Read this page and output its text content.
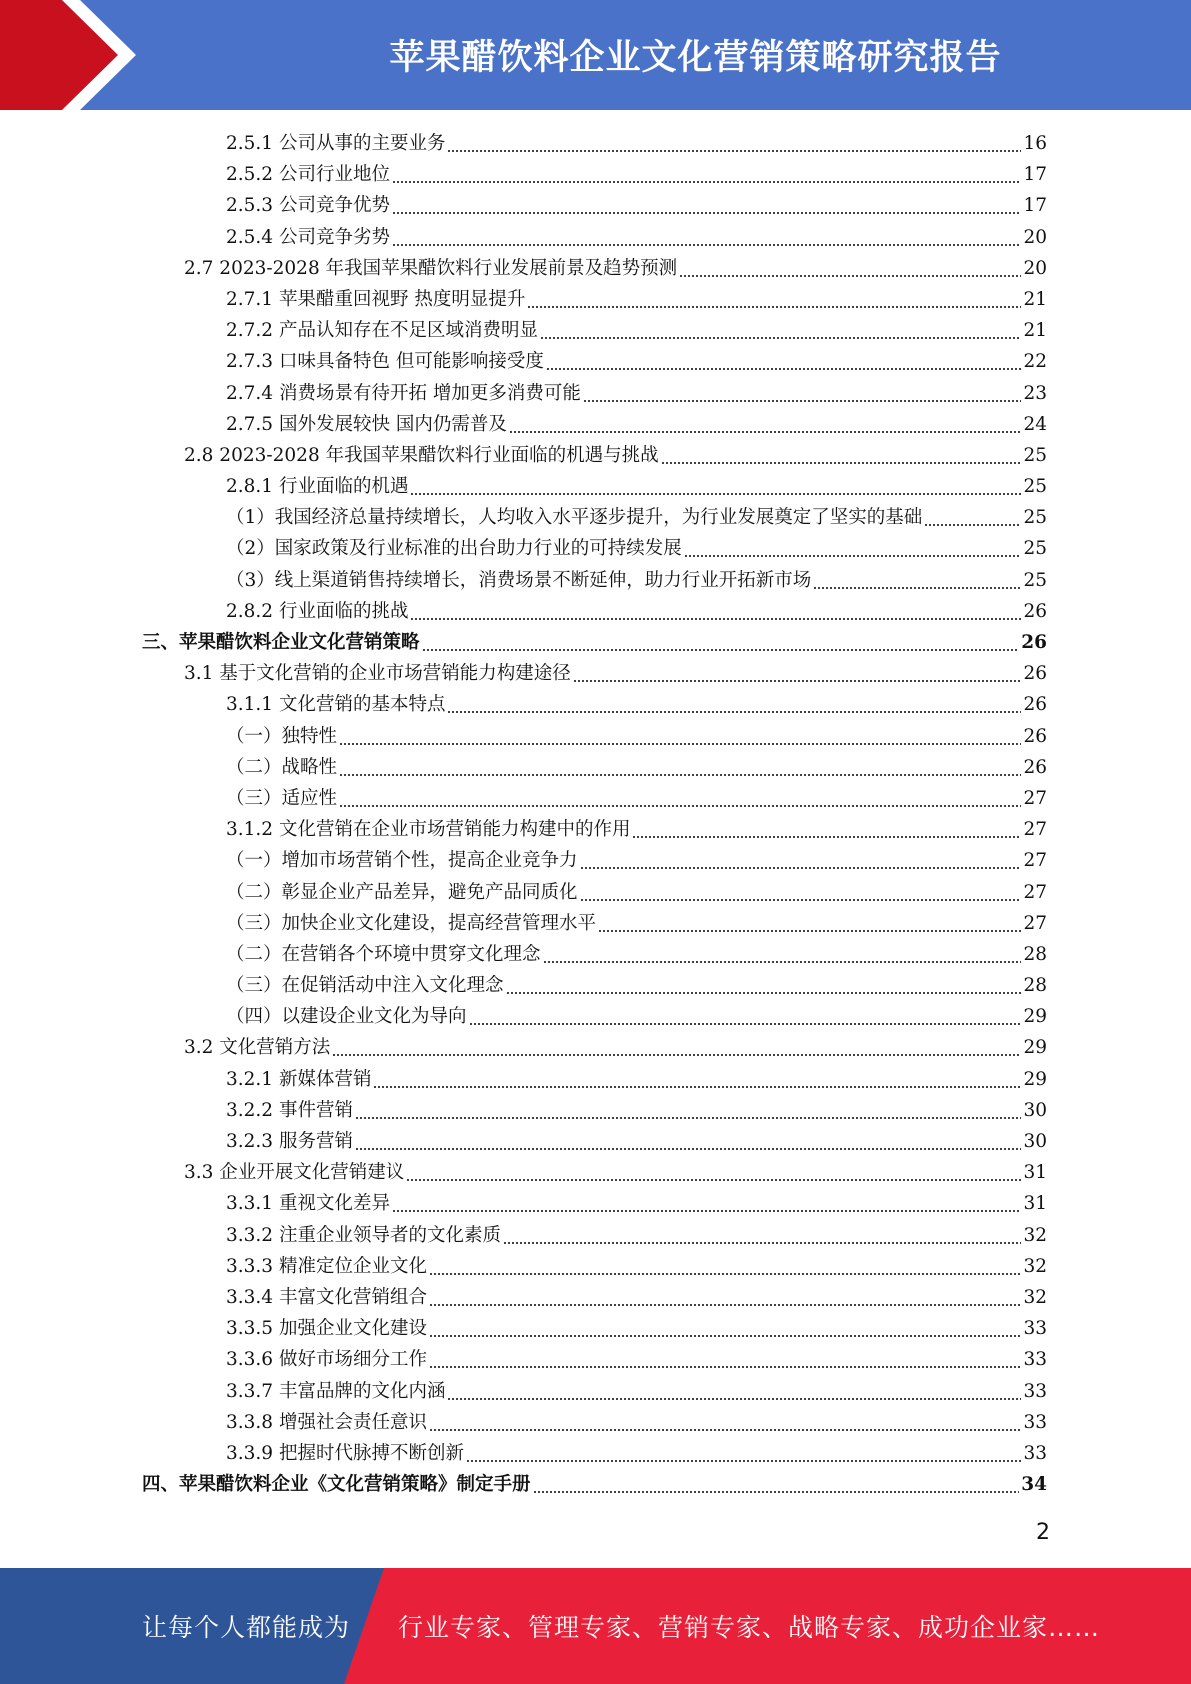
苹果醋饮料企业文化营销策略研究报告
2.5.1 公司从事的主要业务	16
2.5.2 公司行业地位	17
2.5.3 公司竞争优势	17
2.5.4 公司竞争劣势	20
2.7 2023-2028 年我国苹果醋饮料行业发展前景及趋势预测	20
2.7.1 苹果醋重回视野 热度明显提升	21
2.7.2 产品认知存在不足区域消费明显	21
2.7.3 口味具备特色 但可能影响接受度	22
2.7.4 消费场景有待开拓 增加更多消费可能	23
2.7.5 国外发展较快 国内仍需普及	24
2.8 2023-2028 年我国苹果醋饮料行业面临的机遇与挑战	25
2.8.1 行业面临的机遇	25
（1）我国经济总量持续增长，人均收入水平逐步提升，为行业发展奠定了坚实的基础	25
（2）国家政策及行业标准的出台助力行业的可持续发展	25
（3）线上渠道销售持续增长，消费场景不断延伸，助力行业开拓新市场	25
2.8.2 行业面临的挑战	26
三、苹果醋饮料企业文化营销策略	26
3.1 基于文化营销的企业市场营销能力构建途径	26
3.1.1 文化营销的基本特点	26
（一）独特性	26
（二）战略性	26
（三）适应性	27
3.1.2 文化营销在企业市场营销能力构建中的作用	27
（一）增加市场营销个性，提高企业竞争力	27
（二）彰显企业产品差异，避免产品同质化	27
（三）加快企业文化建设，提高经营管理水平	27
（二）在营销各个环境中贯穿文化理念	28
（三）在促销活动中注入文化理念	28
（四）以建设企业文化为导向	29
3.2 文化营销方法	29
3.2.1 新媒体营销	29
3.2.2 事件营销	30
3.2.3 服务营销	30
3.3 企业开展文化营销建议	31
3.3.1 重视文化差异	31
3.3.2 注重企业领导者的文化素质	32
3.3.3 精准定位企业文化	32
3.3.4 丰富文化营销组合	32
3.3.5 加强企业文化建设	33
3.3.6 做好市场细分工作	33
3.3.7 丰富品牌的文化内涵	33
3.3.8 增强社会责任意识	33
3.3.9 把握时代脉搏不断创新	33
四、苹果醋饮料企业《文化营销策略》制定手册	34
2
让每个人都能成为 行业专家、管理专家、营销专家、战略专家、成功企业家……
